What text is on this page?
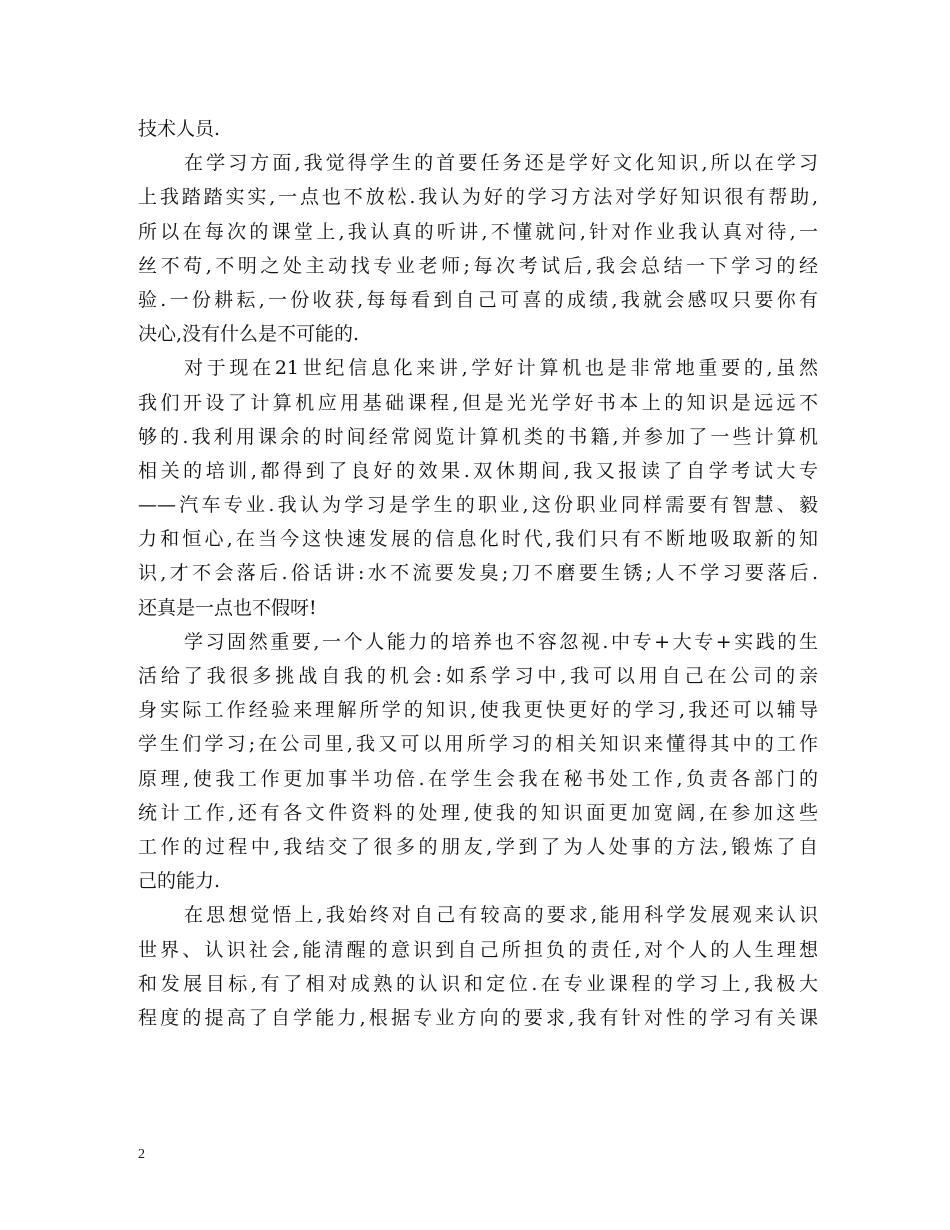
技术人员.
在学习方面,我觉得学生的首要任务还是学好文化知识,所以在学习
上我踏踏实实,一点也不放松.我认为好的学习方法对学好知识很有帮助,
所以在每次的课堂上,我认真的听讲,不懂就问,针对作业我认真对待,一
丝不苟,不明之处主动找专业老师;每次考试后,我会总结一下学习的经
验.一份耕耘,一份收获,每每看到自己可喜的成绩,我就会感叹只要你有
决心,没有什么是不可能的.
对于现在21世纪信息化来讲,学好计算机也是非常地重要的,虽然
我们开设了计算机应用基础课程,但是光光学好书本上的知识是远远不
够的.我利用课余的时间经常阅览计算机类的书籍,并参加了一些计算机
相关的培训,都得到了良好的效果.双休期间,我又报读了自学考试大专
——汽车专业.我认为学习是学生的职业,这份职业同样需要有智慧、毅
力和恒心,在当今这快速发展的信息化时代,我们只有不断地吸取新的知
识,才不会落后.俗话讲:水不流要发臭;刀不磨要生锈;人不学习要落后.
还真是一点也不假呀!
学习固然重要,一个人能力的培养也不容忽视.中专+大专+实践的生
活给了我很多挑战自我的机会:如系学习中,我可以用自己在公司的亲
身实际工作经验来理解所学的知识,使我更快更好的学习,我还可以辅导
学生们学习;在公司里,我又可以用所学习的相关知识来懂得其中的工作
原理,使我工作更加事半功倍.在学生会我在秘书处工作,负责各部门的
统计工作,还有各文件资料的处理,使我的知识面更加宽阔,在参加这些
工作的过程中,我结交了很多的朋友,学到了为人处事的方法,锻炼了自
己的能力.
在思想觉悟上,我始终对自己有较高的要求,能用科学发展观来认识
世界、认识社会,能清醒的意识到自己所担负的责任,对个人的人生理想
和发展目标,有了相对成熟的认识和定位.在专业课程的学习上,我极大
程度的提高了自学能力,根据专业方向的要求,我有针对性的学习有关课
2
